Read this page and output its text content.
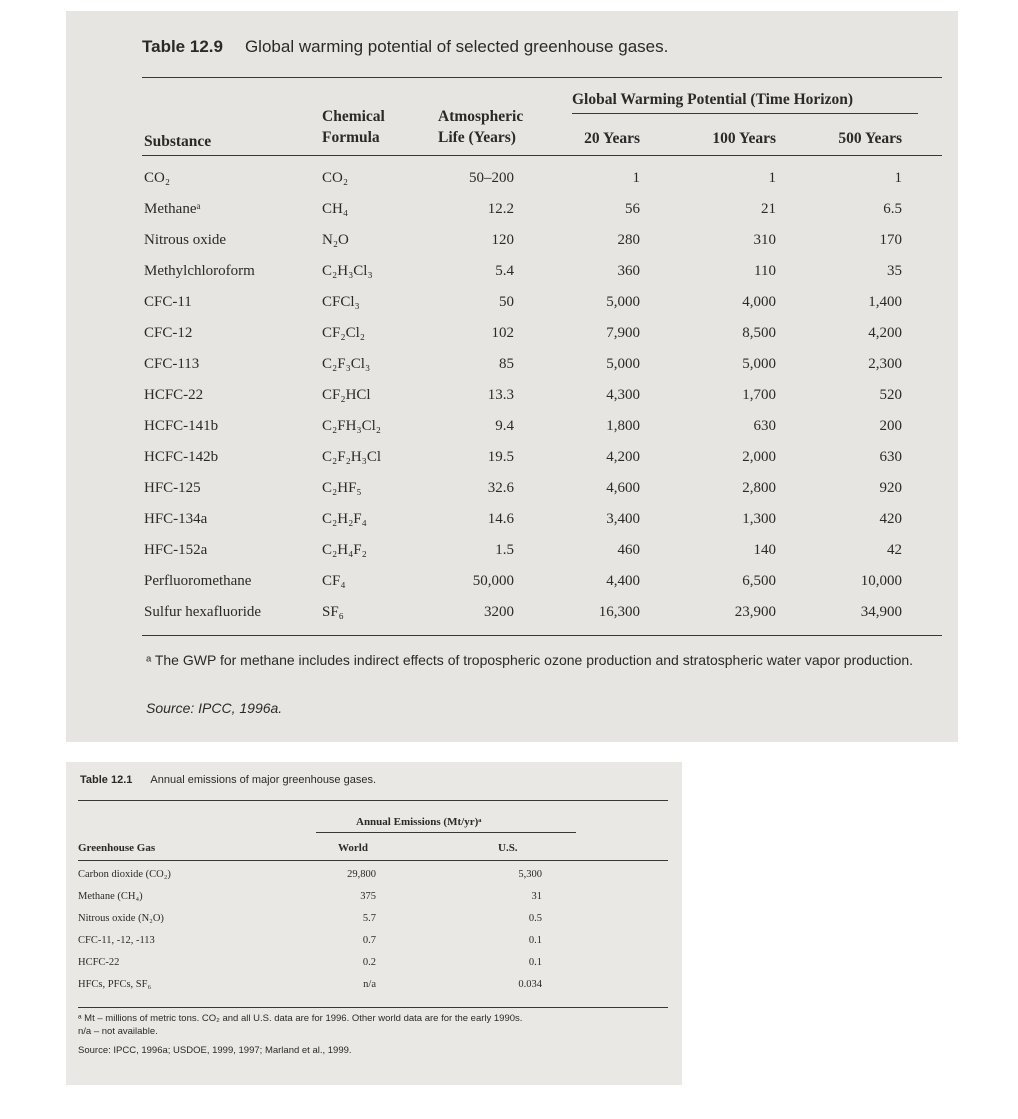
Table 12.9 Global warming potential of selected greenhouse gases.
Substance
Chemical
Formula
Atmospheric
Life (Years)
Global Warming Potential (Time Horizon)
20 Years	100 Years	500 Years
CO₂	CO₂	50–200	1	1	1
Methaneᵃ	CH₄	12.2	56	21	6.5
Nitrous oxide	N₂O	120	280	310	170
Methylchloroform	C₂H₃Cl₃	5.4	360	110	35
CFC-11	CFCl₃	50	5,000	4,000	1,400
CFC-12	CF₂Cl₂	102	7,900	8,500	4,200
CFC-113	C₂F₃Cl₃	85	5,000	5,000	2,300
HCFC-22	CF₂HCl	13.3	4,300	1,700	520
HCFC-141b	C₂FH₃Cl₂	9.4	1,800	630	200
HCFC-142b	C₂F₂H₃Cl	19.5	4,200	2,000	630
HFC-125	C₂HF₅	32.6	4,600	2,800	920
HFC-134a	C₂H₂F₄	14.6	3,400	1,300	420
HFC-152a	C₂H₄F₂	1.5	460	140	42
Perfluoromethane	CF₄	50,000	4,400	6,500	10,000
Sulfur hexafluoride	SF₆	3200	16,300	23,900	34,900
ᵃ The GWP for methane includes indirect effects of tropospheric ozone production and stratospheric water vapor production.
Source: IPCC, 1996a.
Table 12.1 Annual emissions of major greenhouse gases.
Annual Emissions (Mt/yr)ᵃ
Greenhouse Gas	World	U.S.
Carbon dioxide (CO₂)	29,800	5,300
Methane (CH₄)	375	31
Nitrous oxide (N₂O)	5.7	0.5
CFC-11, -12, -113	0.7	0.1
HCFC-22	0.2	0.1
HFCs, PFCs, SF₆	n/a	0.034
ᵃ Mt – millions of metric tons. CO₂ and all U.S. data are for 1996. Other world data are for the early 1990s.
n/a – not available.
Source: IPCC, 1996a; USDOE, 1999, 1997; Marland et al., 1999.
